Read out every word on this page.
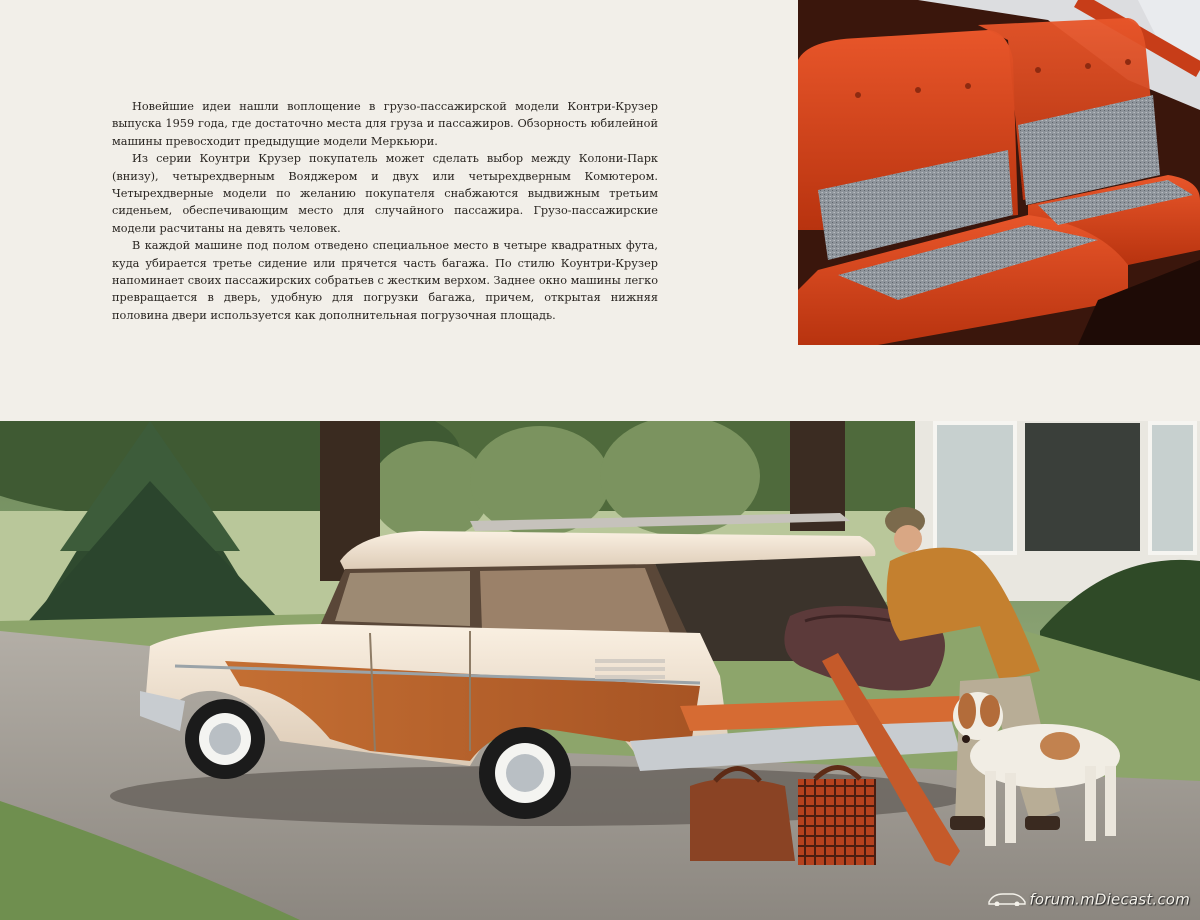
Новейшие идеи нашли воплощение в грузо-пассажирской модели Контри-Крузер выпуска 1959 года, где достаточно места для груза и пассажиров. Обзорность юбилейной машины превосходит предыдущие модели Меркьюри.

Из серии Коунтри Крузер покупатель может сделать выбор между Колони-Парк (внизу), четырехдверным Вояджером и двух или четырехдверным Комютером. Четырехдверные модели по желанию покупателя снабжаются выдвижным третьим сиденьем, обеспечивающим место для случайного пассажира. Грузо-пассажирские модели расчитаны на девять человек.

В каждой машине под полом отведено специальное место в четыре квадратных фута, куда убирается третье сидение или прячется часть багажа. По стилю Коунтри-Крузер напоминает своих пассажирских собратьев с жестким верхом. Заднее окно машины легко превращается в дверь, удобную для погрузки багажа, причем, открытая нижняя половина двери используется как дополнительная погрузочная площадь.

forum.mDiecast.com
